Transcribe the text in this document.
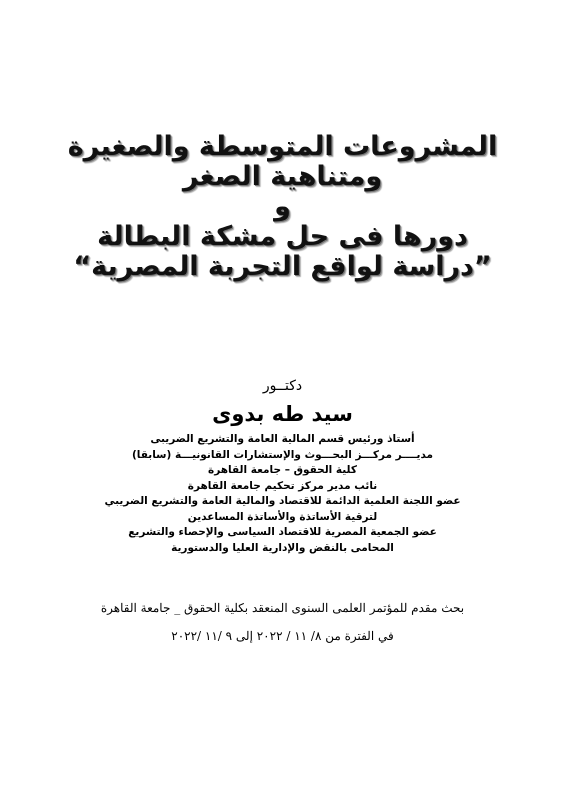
المشروعات المتوسطة والصغيرة
ومتناهية الصغر
و
دورها فى حل مشكة البطالة
”دراسة لواقع التجربة المصرية“
دكتــور
سيد طه بدوى
أستاذ ورئيس قسم المالية العامة والتشريع الضريبى
مديــــر مركـــز البحـــوث والإستشارات القانونيـــة (سابقا)
كلية الحقوق – جامعة القاهرة
نائب مدير مركز تحكيم جامعة القاهرة
عضو اللجنة العلمية الدائمة للاقتصاد والمالية العامة والتشريع الضريبي
لترقية الأساتذة والأساتذة المساعدين
عضو الجمعية المصرية للاقتصاد السياسى والإحصاء والتشريع
المحامى بالنقض والإدارية العليا والدستورية
بحث مقدم للمؤتمر العلمى السنوى المنعقد بكلية الحقوق _ جامعة القاهرة
في الفترة من ٨/ ١١ / ٢٠٢٢ إلى ٩ /١١ /٢٠٢٢
